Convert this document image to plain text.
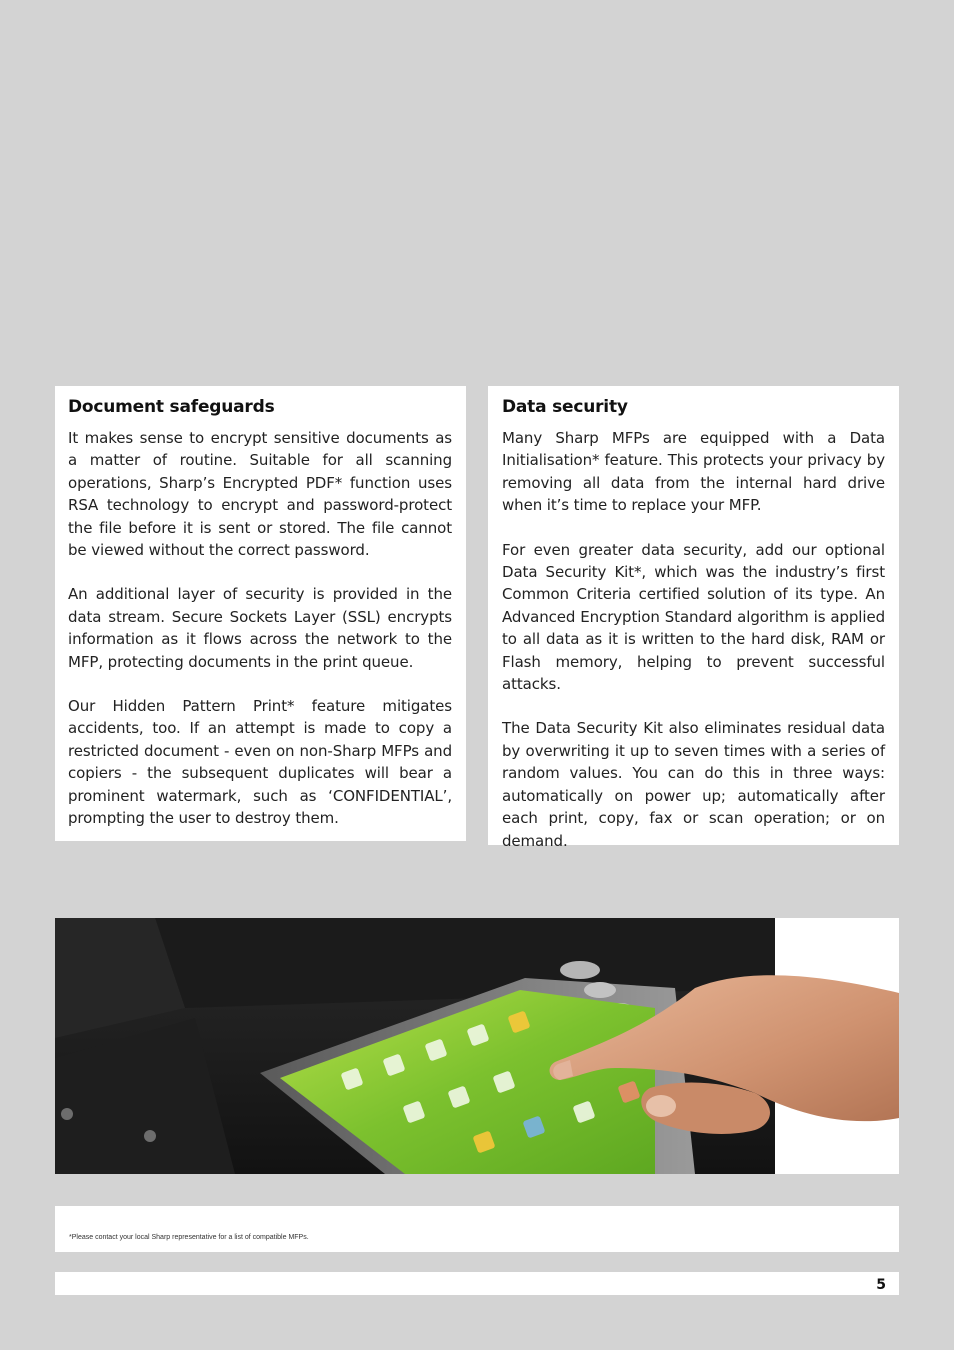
Document safeguards

It makes sense to encrypt sensitive documents as a matter of routine. Suitable for all scanning operations, Sharp’s Encrypted PDF* function uses RSA technology to encrypt and password-protect the file before it is sent or stored. The file cannot be viewed without the correct password.

An additional layer of security is provided in the data stream. Secure Sockets Layer (SSL) encrypts information as it flows across the network to the MFP, protecting documents in the print queue.

Our Hidden Pattern Print* feature mitigates accidents, too. If an attempt is made to copy a restricted document - even on non-Sharp MFPs and copiers - the subsequent duplicates will bear a prominent watermark, such as ‘CONFIDENTIAL’, prompting the user to destroy them.

Data security

Many Sharp MFPs are equipped with a Data Initialisation* feature. This protects your privacy by removing all data from the internal hard drive when it’s time to replace your MFP.

For even greater data security, add our optional Data Security Kit*, which was the industry’s first Common Criteria certified solution of its type. An Advanced Encryption Standard algorithm is applied to all data as it is written to the hard disk, RAM or Flash memory, helping to prevent successful attacks.

The Data Security Kit also eliminates residual data by overwriting it up to seven times with a series of random values. You can do this in three ways: automatically on power up; automatically after each print, copy, fax or scan operation; or on demand.

*Please contact your local Sharp representative for a list of compatible MFPs.
5
